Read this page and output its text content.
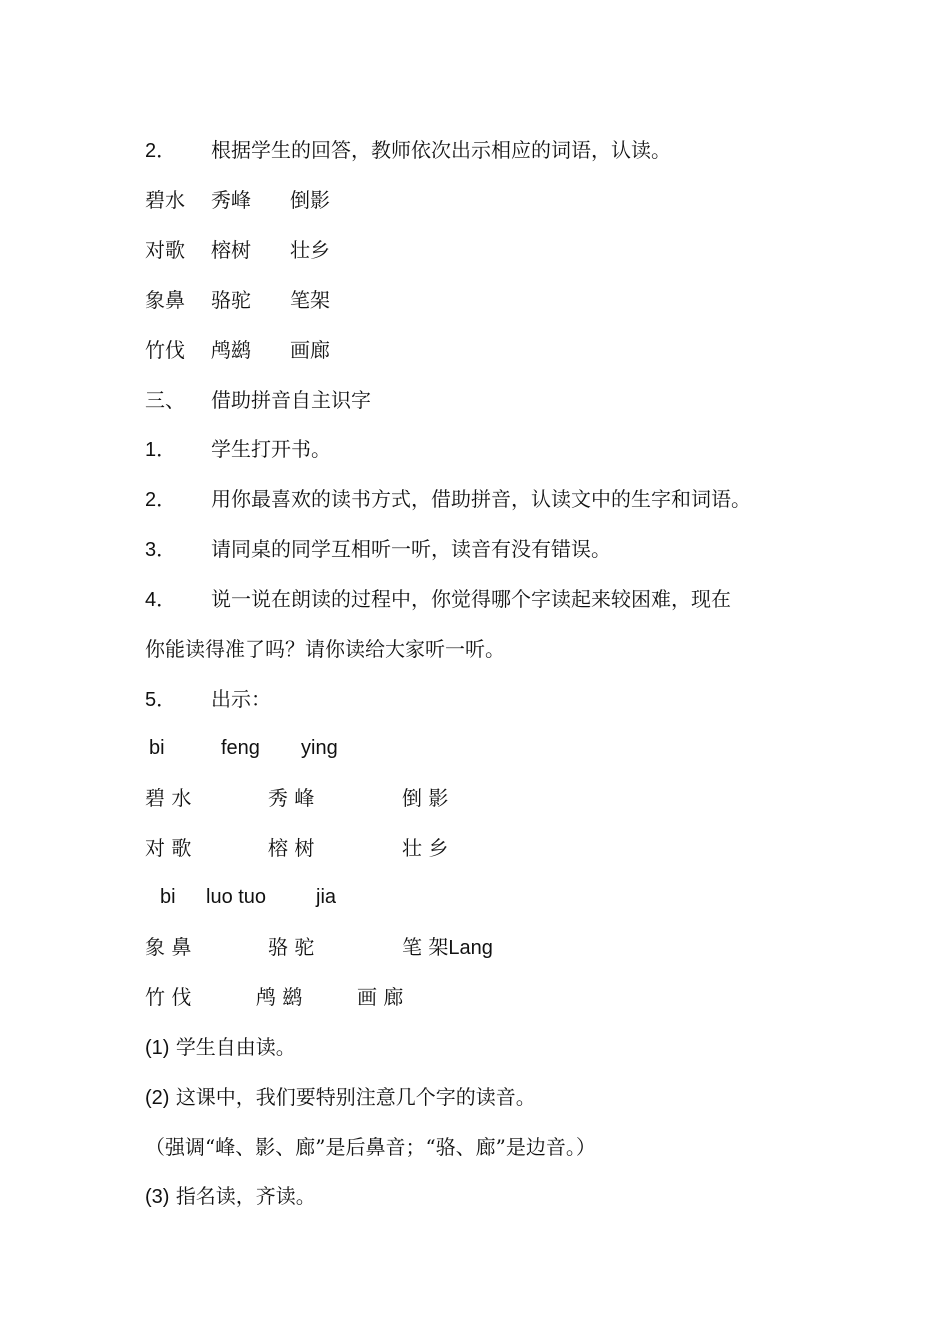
2． 根据学生的回答，教师依次出示相应的词语，认读。
碧水 秀峰 倒影
对歌 榕树 壮乡
象鼻 骆驼 笔架
竹伐 鸬鹚 画廊
三、 借助拼音自主识字
1． 学生打开书。
2． 用你最喜欢的读书方式，借助拼音，认读文中的生字和词语。
3． 请同桌的同学互相听一听，读音有没有错误。
4． 说一说在朗读的过程中，你觉得哪个字读起来较困难，现在
你能读得准了吗？请你读给大家听一听。
5． 出示：
bi	feng ying
碧 水	秀 峰	倒 影
对 歌	榕 树	壮 乡
bi luo tuo jia
象 鼻	骆 驼	笔 架Lang
竹 伐	鸬 鹚	画 廊
(1) 学生自由读。
(2) 这课中，我们要特别注意几个字的读音。
（强调“峰、影、廊”是后鼻音；“骆、廊”是边音。）
(3) 指名读，齐读。
